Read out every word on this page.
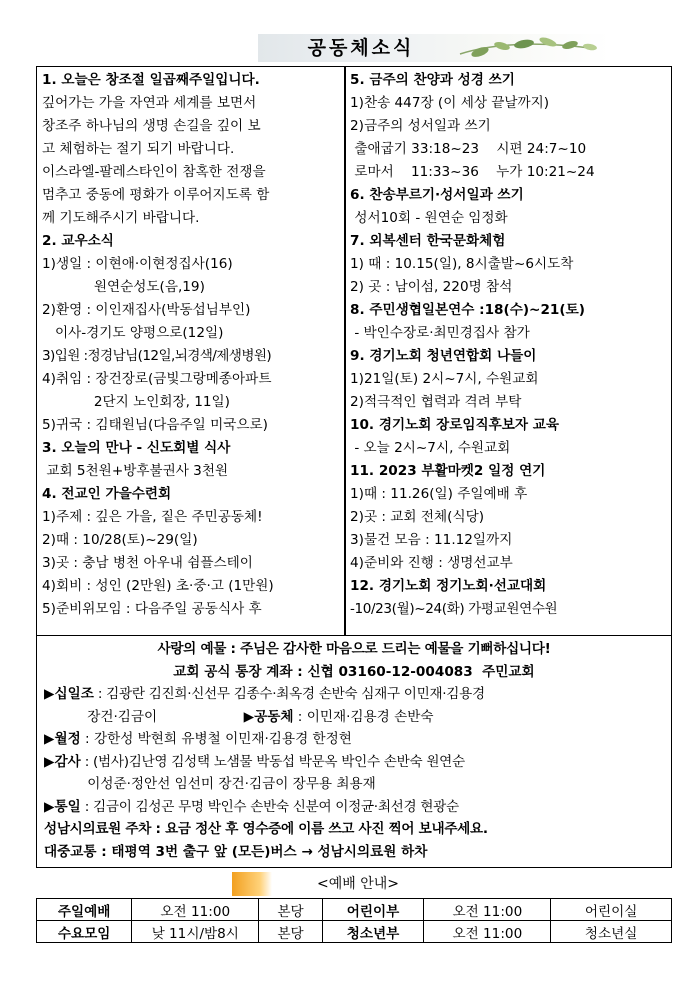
공동체소식
1. 오늘은 창조절 일곱째주일입니다.
깊어가는 가을 자연과 세계를 보면서
창조주 하나님의 생명 손길을 깊이 보
고 체험하는 절기 되기 바랍니다.
이스라엘-팔레스타인이 참혹한 전쟁을
멈추고 중동에 평화가 이루어지도록 함
께 기도해주시기 바랍니다.
2. 교우소식
1)생일 : 이현애·이현정집사(16)
원연순성도(음,19)
2)환영 : 이인재집사(박동섭님부인)
이사-경기도 양평으로(12일)
3)입원 :정경남님(12일,뇌경색/제생병원)
4)취임 : 장건장로(금빛그랑메종아파트
2단지 노인회장, 11일)
5)귀국 : 김태원님(다음주일 미국으로)
3. 오늘의 만나 - 신도회별 식사
교회 5천원+방후불권사 3천원
4. 전교인 가을수련회
1)주제 : 깊은 가을, 짙은 주민공동체!
2)때 : 10/28(토)~29(일)
3)곳 : 충남 병천 아우내 쉼플스테이
4)회비 : 성인 (2만원) 초·중·고 (1만원)
5)준비위모임 : 다음주일 공동식사 후
5. 금주의 찬양과 성경 쓰기
1)찬송 447장 (이 세상 끝날까지)
2)금주의 성서일과 쓰기
출애굽기 33:18~23    시편 24:7~10
로마서    11:33~36    누가 10:21~24
6. 찬송부르기·성서일과 쓰기
성서10회 - 원연순 임정화
7. 외복센터 한국문화체험
1) 때 : 10.15(일), 8시출발~6시도착
2) 곳 : 남이섬, 220명 참석
8. 주민생협일본연수 :18(수)~21(토)
- 박인수장로·최민경집사 참가
9. 경기노회 청년연합회 나들이
1)21일(토) 2시~7시, 수원교회
2)적극적인 협력과 격려 부탁
10. 경기노회 장로임직후보자 교육
- 오늘 2시~7시, 수원교회
11. 2023 부활마켓2 일정 연기
1)때 : 11.26(일) 주일예배 후
2)곳 : 교회 전체(식당)
3)물건 모음 : 11.12일까지
4)준비와 진행 : 생명선교부
12. 경기노회 정기노회·선교대회
-10/23(월)~24(화) 가평교원연수원
사랑의 예물 : 주님은 감사한 마음으로 드리는 예물을 기뻐하십니다!
교회 공식 통장 계좌 : 신협 03160-12-004083  주민교회
▶십일조 : 김광란 김진희·신선무 김종수·최옥경 손반숙 심재구 이민재·김용경
장건·김금이                    ▶공동체 : 이민재·김용경 손반숙
▶월정 : 강한성 박현희 유병철 이민재·김용경 한정현
▶감사 : (범사)김난영 김성택 노샘물 박동섭 박문옥 박인수 손반숙 원연순
이성준·정안선 임선미 장건·김금이 장무용 최용재
▶통일 : 김금이 김성곤 무명 박인수 손반숙 신분여 이정균·최선경 현광순
성남시의료원 주차 : 요금 정산 후 영수증에 이름 쓰고 사진 찍어 보내주세요.
대중교통 : 태평역 3번 출구 앞 (모든)버스 → 성남시의료원 하차
<예배 안내>
주일예배	오전 11:00	본당	어린이부	오전 11:00	어린이실
수요모임	낮 11시/밤8시	본당	청소년부	오전 11:00	청소년실
